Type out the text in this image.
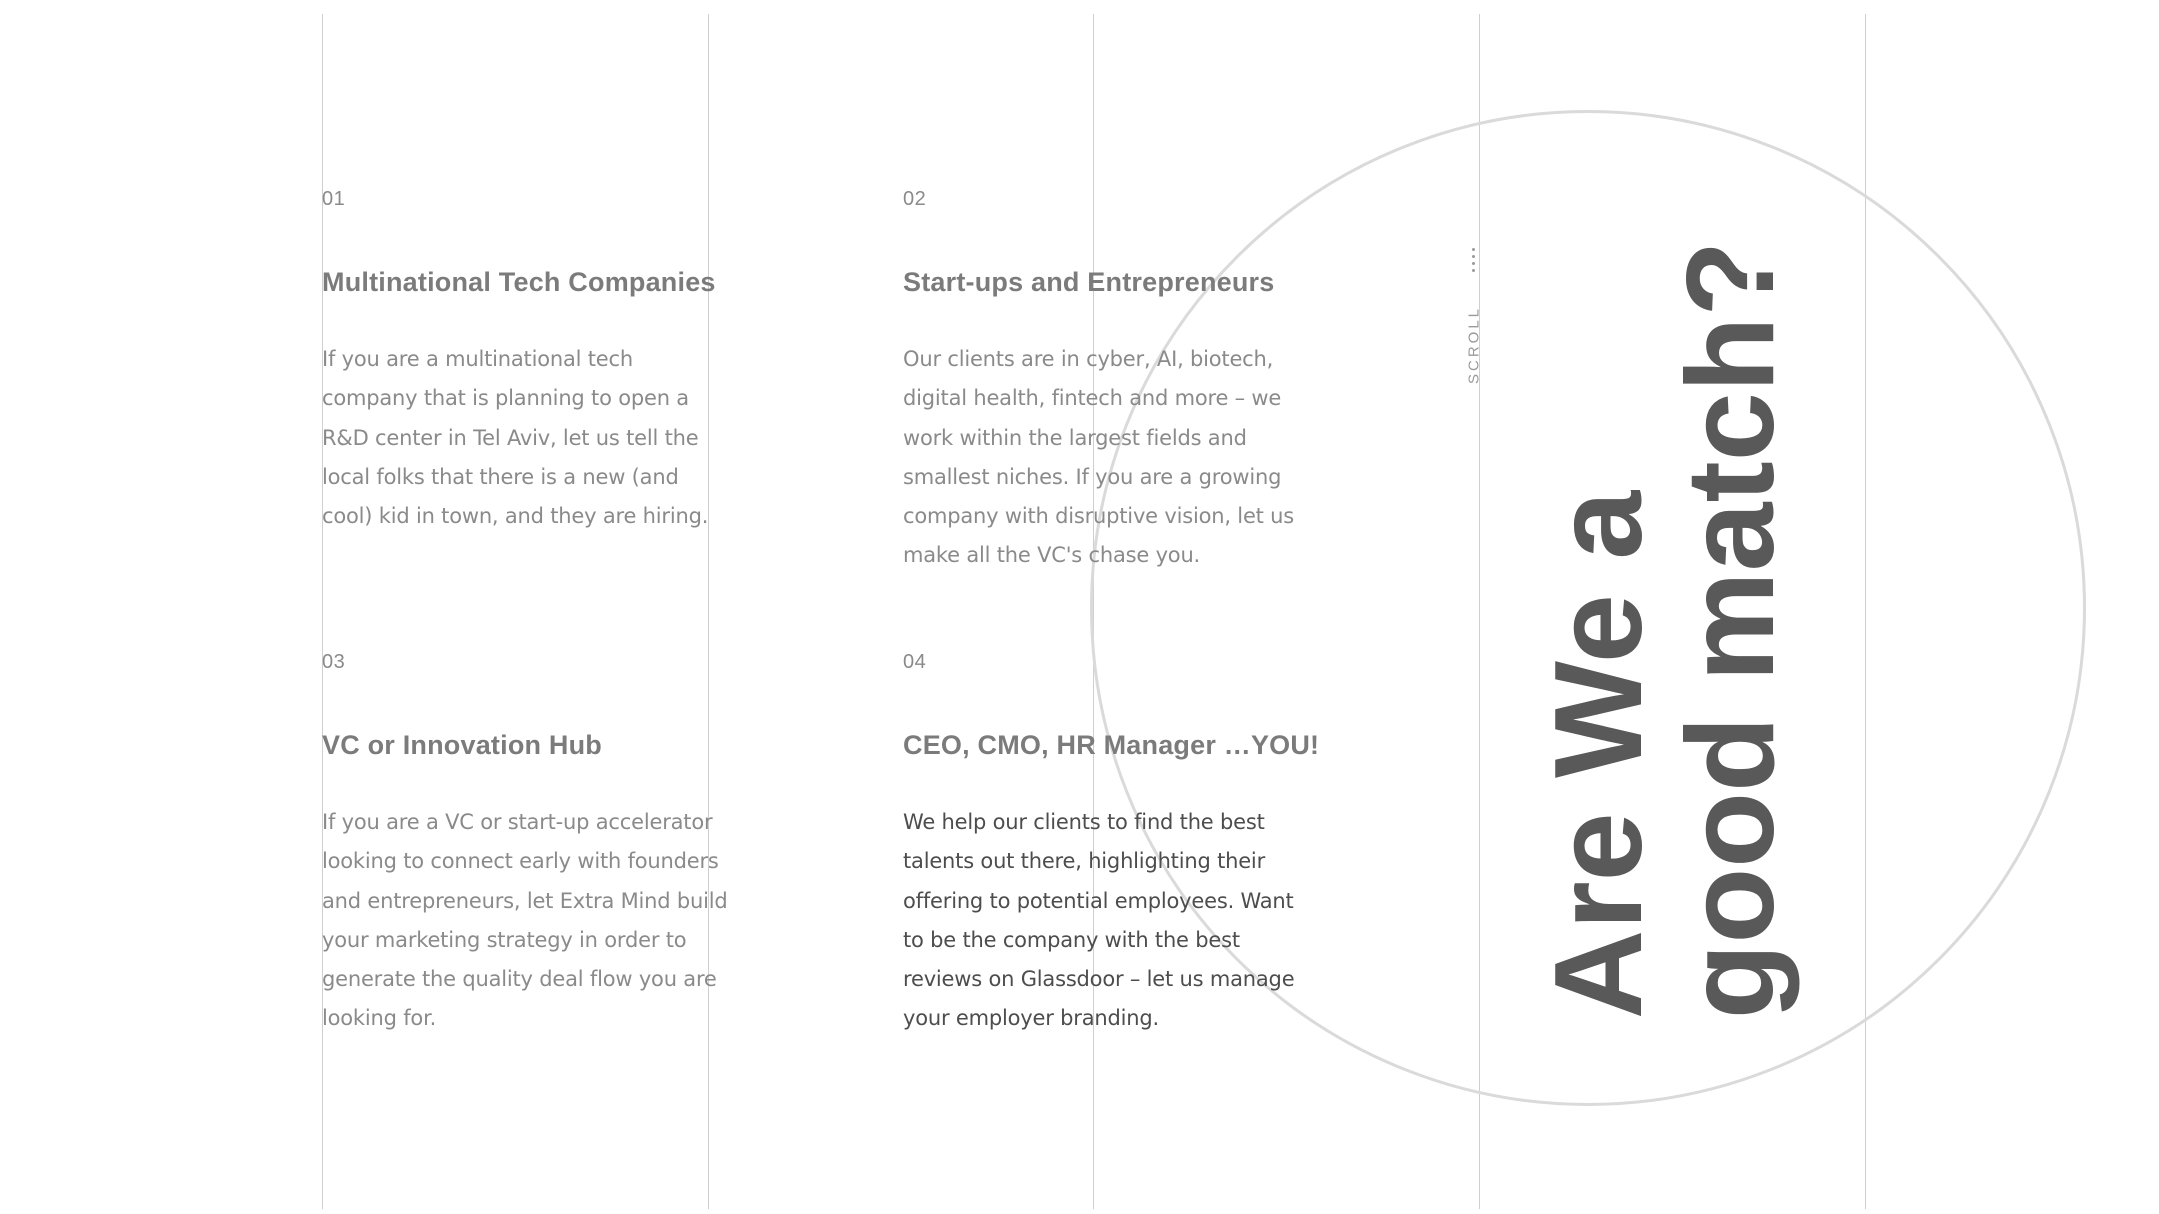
01
Multinational Tech Companies
If you are a multinational tech
company that is planning to open a
R&D center in Tel Aviv, let us tell the
local folks that there is a new (and
cool) kid in town, and they are hiring.
02
Start-ups and Entrepreneurs
Our clients are in cyber, AI, biotech,
digital health, fintech and more – we
work within the largest fields and
smallest niches. If you are a growing
company with disruptive vision, let us
make all the VC's chase you.
03
VC or Innovation Hub
If you are a VC or start-up accelerator
looking to connect early with founders
and entrepreneurs, let Extra Mind build
your marketing strategy in order to
generate the quality deal flow you are
looking for.
04
CEO, CMO, HR Manager …YOU!
We help our clients to find the best
talents out there, highlighting their
offering to potential employees. Want
to be the company with the best
reviews on Glassdoor – let us manage
your employer branding.
SCROLL
Are We a
good match?
